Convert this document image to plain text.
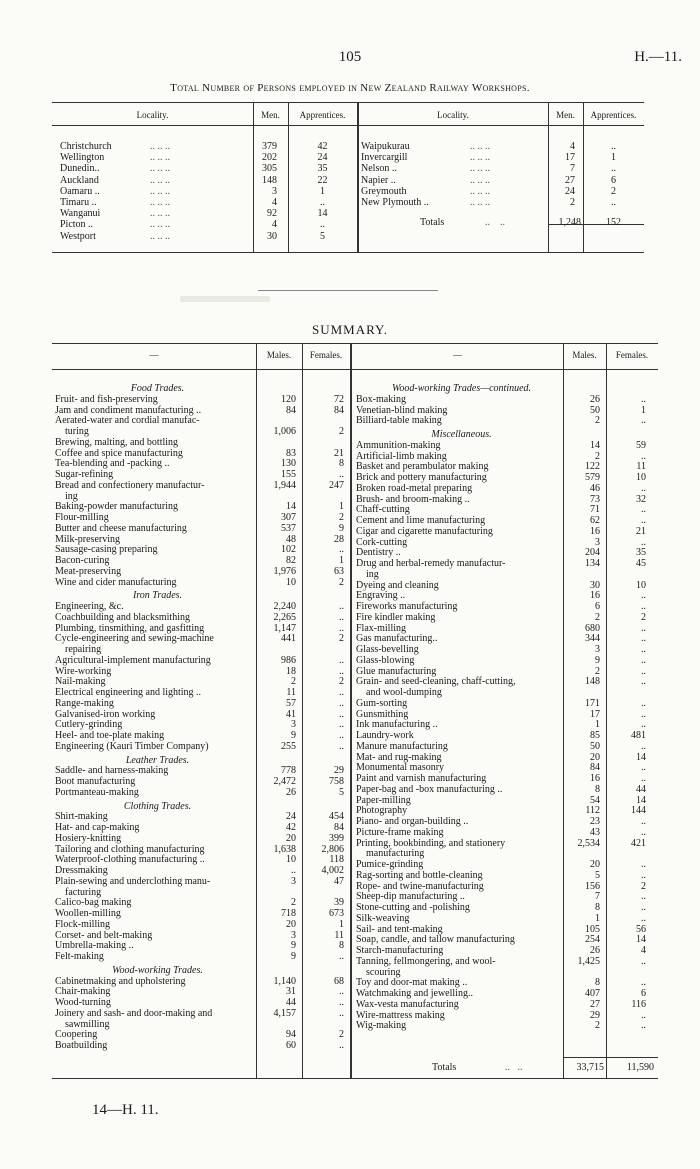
105	H.—11.
Total Number of Persons employed in New Zealand Railway Workshops.
Locality.	Men.	Apprentices.	Locality.	Men.	Apprentices.
Christchurch	.. .. ..	379	42
Wellington	.. .. ..	202	24
Dunedin..	.. .. ..	305	35
Auckland	.. .. ..	148	22
Oamaru ..	.. .. ..	3	1
Timaru ..	.. .. ..	4	..
Wanganui	.. .. ..	92	14
Picton ..	.. .. ..	4	..
Westport	.. .. ..	30	5
Waipukurau	.. .. ..	4	..
Invercargill	.. .. ..	17	1
Nelson ..	.. .. ..	7	..
Napier ..	.. .. ..	27	6
Greymouth	.. .. ..	24	2
New Plymouth ..	.. .. ..	2	..
Totals	..    ..	1,248	152
SUMMARY.
—	Males.	Females.	—	Males.	Females.
Food Trades.
Fruit- and fish-preserving	120	72
Jam and condiment manufacturing ..	84	84
Aerated-water and cordial manufac-
turing	1,006	2
Brewing, malting, and bottling
Coffee and spice manufacturing	83	21
Tea-blending and -packing ..	130	8
Sugar-refining	155	..
Bread and confectionery manufactur-	1,944	247
ing
Baking-powder manufacturing	14	1
Flour-milling	307	2
Butter and cheese manufacturing	537	9
Milk-preserving	48	28
Sausage-casing preparing	102	..
Bacon-curing	82	1
Meat-preserving	1,976	63
Wine and cider manufacturing	10	2
Iron Trades.
Engineering, &c.	2,240	..
Coachbuilding and blacksmithing	2,265	..
Plumbing, tinsmithing, and gasfitting	1,147	..
Cycle-engineering and sewing-machine	441	2
repairing
Agricultural-implement manufacturing	986	..
Wire-working	18	..
Nail-making	2	2
Electrical engineering and lighting ..	11	..
Range-making	57	..
Galvanised-iron working	41	..
Cutlery-grinding	3	..
Heel- and toe-plate making	9	..
Engineering (Kauri Timber Company)	255	..
Leather Trades.
Saddle- and harness-making	778	29
Boot manufacturing	2,472	758
Portmanteau-making	26	5
Clothing Trades.
Shirt-making	24	454
Hat- and cap-making	42	84
Hosiery-knitting	20	399
Tailoring and clothing manufacturing	1,638	2,806
Waterproof-clothing manufacturing ..	10	118
Dressmaking	..	4,002
Plain-sewing and underclothing manu-	3	47
facturing
Calico-bag making	2	39
Woollen-milling	718	673
Flock-milling	20	1
Corset- and belt-making	3	11
Umbrella-making ..	9	8
Felt-making	9	..
Wood-working Trades.
Cabinetmaking and upholstering	1,140	68
Chair-making	31	..
Wood-turning	44	..
Joinery and sash- and door-making and	4,157	..
sawmilling
Coopering	94	2
Boatbuilding	60	..
Wood-working Trades—continued.
Box-making	26	..
Venetian-blind making	50	1
Billiard-table making	2	..
Miscellaneous.
Ammunition-making	14	59
Artificial-limb making	2	..
Basket and perambulator making	122	11
Brick and pottery manufacturing	579	10
Broken road-metal preparing	46	..
Brush- and broom-making ..	73	32
Chaff-cutting	71	..
Cement and lime manufacturing	62	..
Cigar and cigarette manufacturing	16	21
Cork-cutting	3	..
Dentistry ..	204	35
Drug and herbal-remedy manufactur-	134	45
ing
Dyeing and cleaning	30	10
Engraving ..	16	..
Fireworks manufacturing	6	..
Fire kindler making	2	2
Flax-milling	680	..
Gas manufacturing..	344	..
Glass-bevelling	3	..
Glass-blowing	9	..
Glue manufacturing	2	..
Grain- and seed-cleaning, chaff-cutting,	148	..
and wool-dumping
Gum-sorting	171	..
Gunsmithing	17	..
Ink manufacturing ..	1	..
Laundry-work	85	481
Manure manufacturing	50	..
Mat- and rug-making	20	14
Monumental masonry	84	..
Paint and varnish manufacturing	16	..
Paper-bag and -box manufacturing ..	8	44
Paper-milling	54	14
Photography	112	144
Piano- and organ-building ..	23	..
Picture-frame making	43	..
Printing, bookbinding, and stationery	2,534	421
manufacturing
Pumice-grinding	20	..
Rag-sorting and bottle-cleaning	5	..
Rope- and twine-manufacturing	156	2
Sheep-dip manufacturing ..	7	..
Stone-cutting and -polishing	8	..
Silk-weaving	1	..
Sail- and tent-making	105	56
Soap, candle, and tallow manufacturing	254	14
Starch-manufacturing	26	4
Tanning, fellmongering, and wool-	1,425	..
scouring
Toy and door-mat making ..	8	..
Watchmaking and jewelling..	407	6
Wax-vesta manufacturing	27	116
Wire-mattress making	29	..
Wig-making	2	..
Totals	..   ..	33,715	11,590
14—H. 11.
